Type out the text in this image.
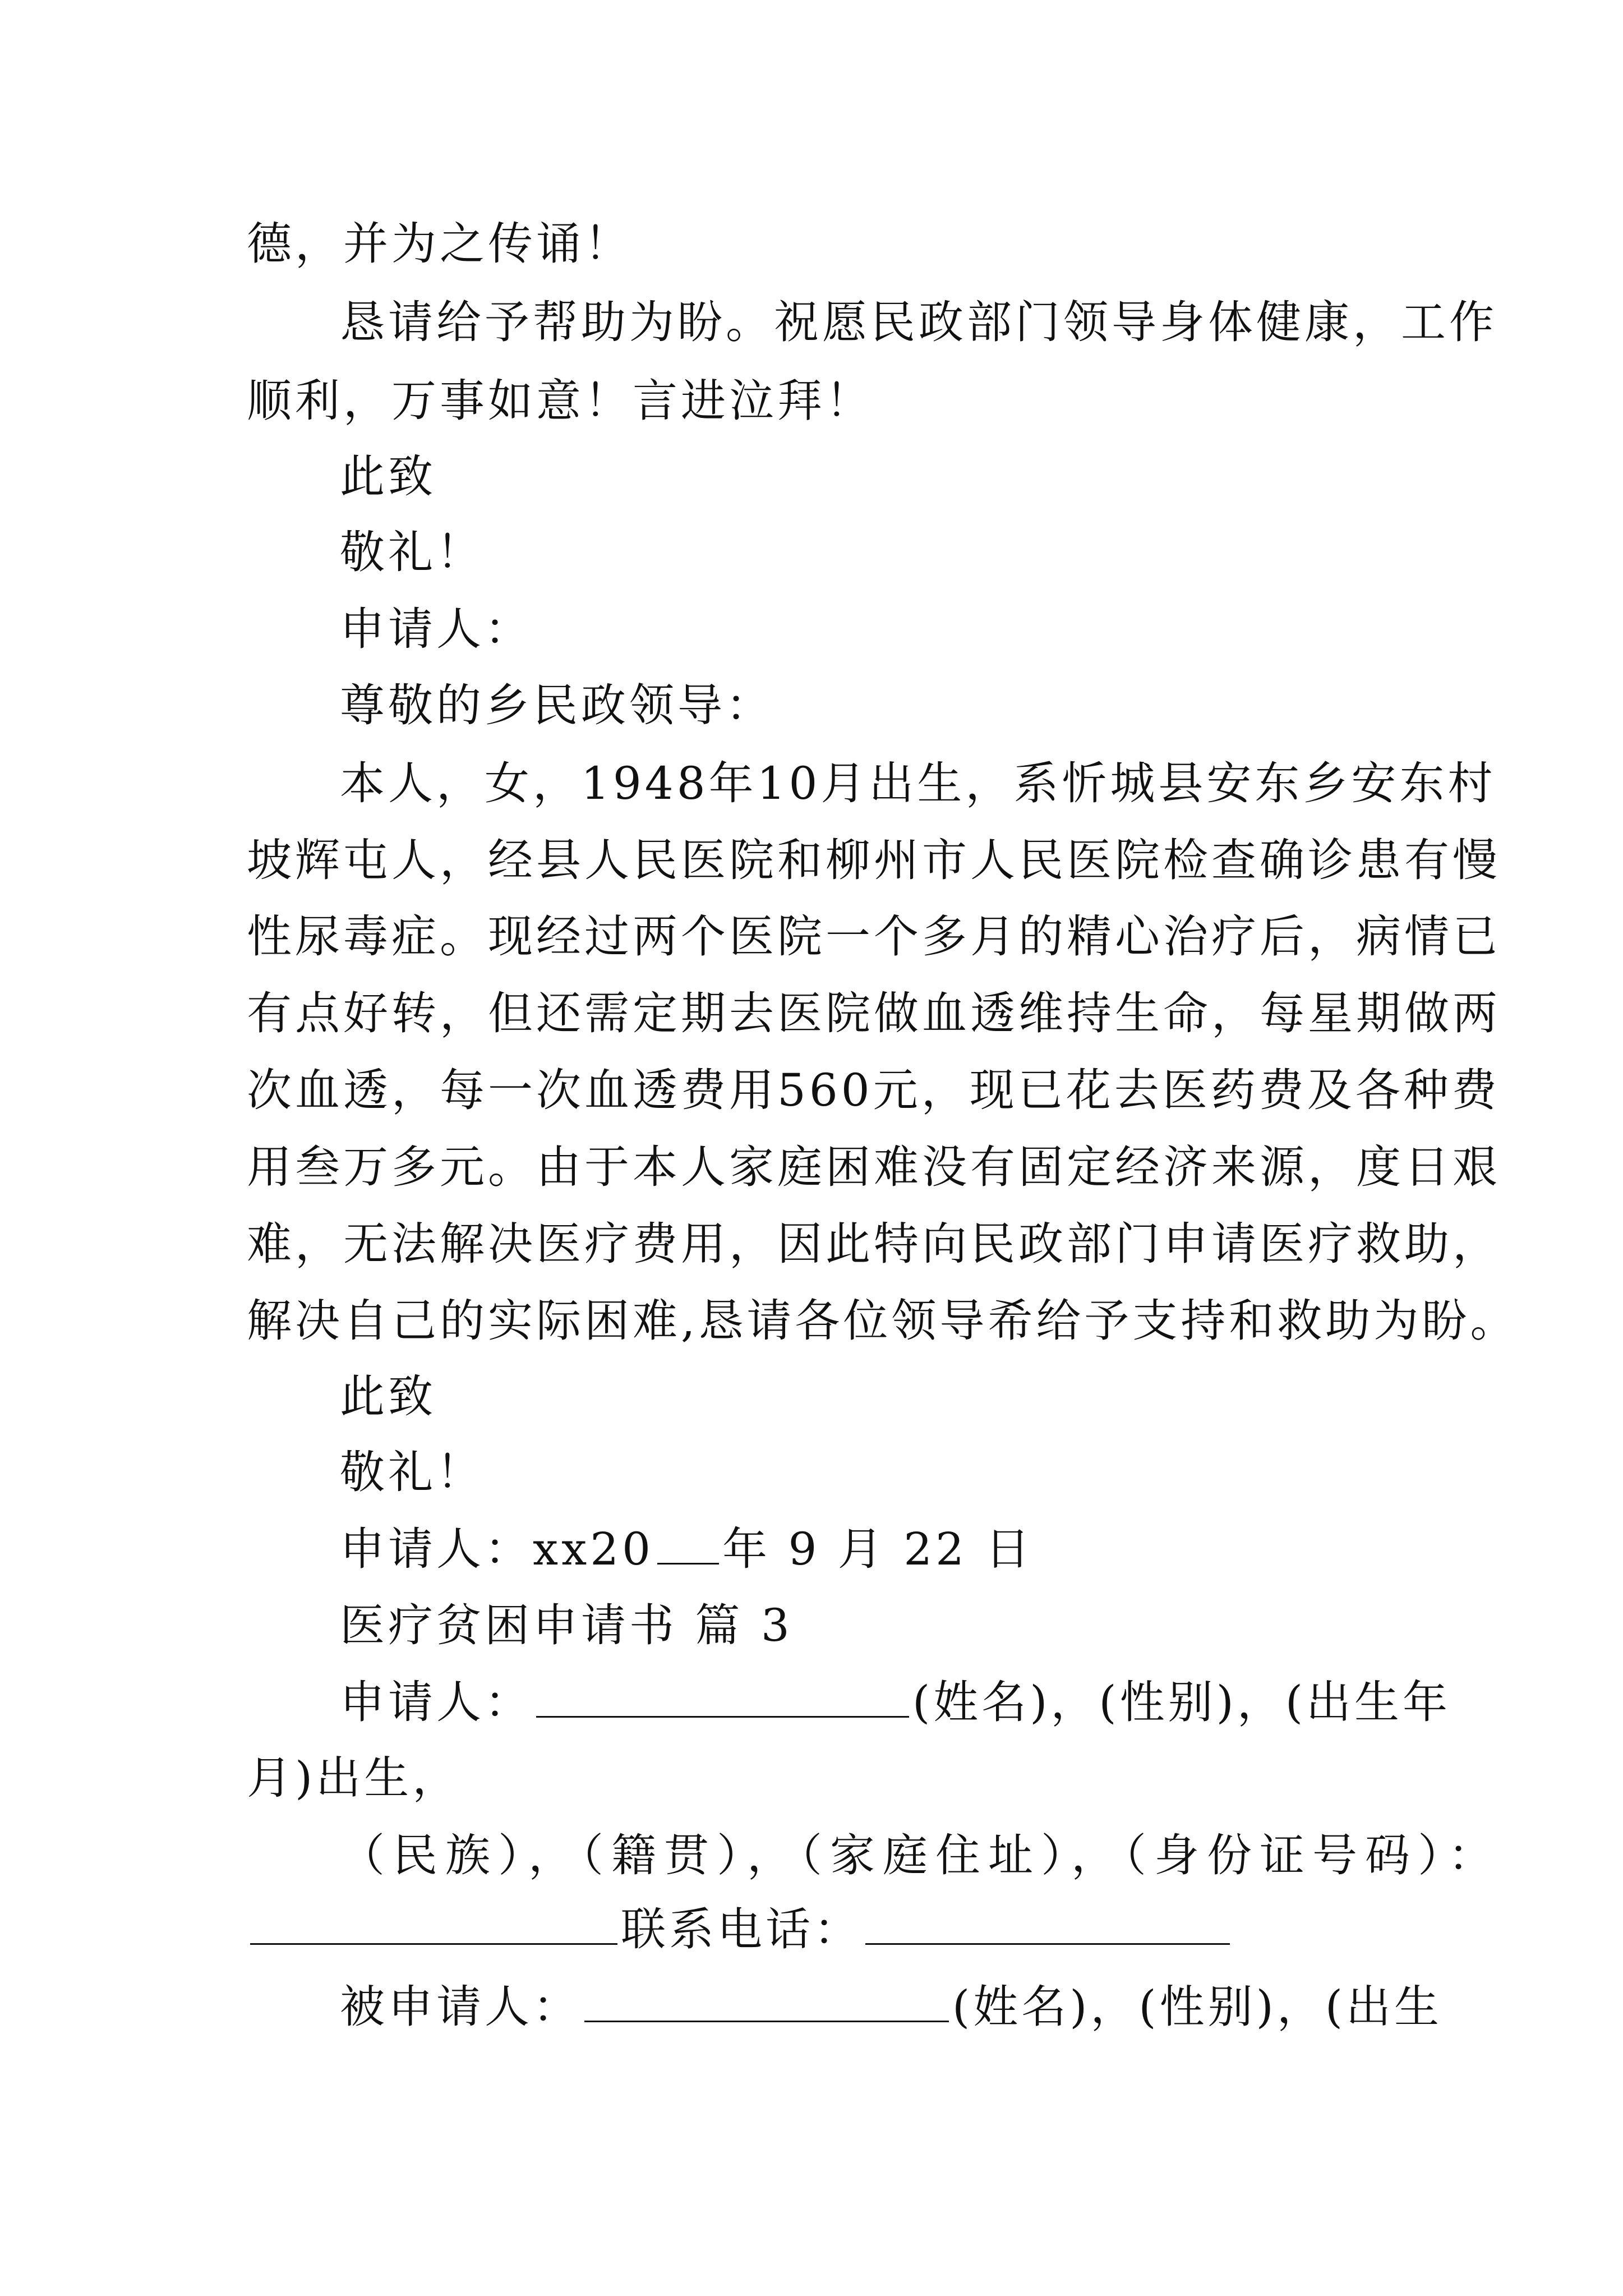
德，并为之传诵！
恳请给予帮助为盼。祝愿民政部门领导身体健康，工作
顺利，万事如意！言进泣拜！
此致
敬礼！
申请人：
尊敬的乡民政领导：
本人，女，1948年10月出生，系忻城县安东乡安东村
坡辉屯人，经县人民医院和柳州市人民医院检查确诊患有慢
性尿毒症。现经过两个医院一个多月的精心治疗后，病情已
有点好转，但还需定期去医院做血透维持生命，每星期做两
次血透，每一次血透费用560元，现已花去医药费及各种费
用叁万多元。由于本人家庭困难没有固定经济来源，度日艰
难，无法解决医疗费用，因此特向民政部门申请医疗救助，
解决自己的实际困难,恳请各位领导希给予支持和救助为盼。
此致
敬礼！
申请人：xx20 年 9 月 22 日
医疗贫困申请书 篇 3
申请人：	(姓名)，(性别)，(出生年
月)出生，
（民族），（籍贯），（家庭住址），（身份证号码）：
联系电话：
被申请人：	(姓名)，(性别)，(出生
